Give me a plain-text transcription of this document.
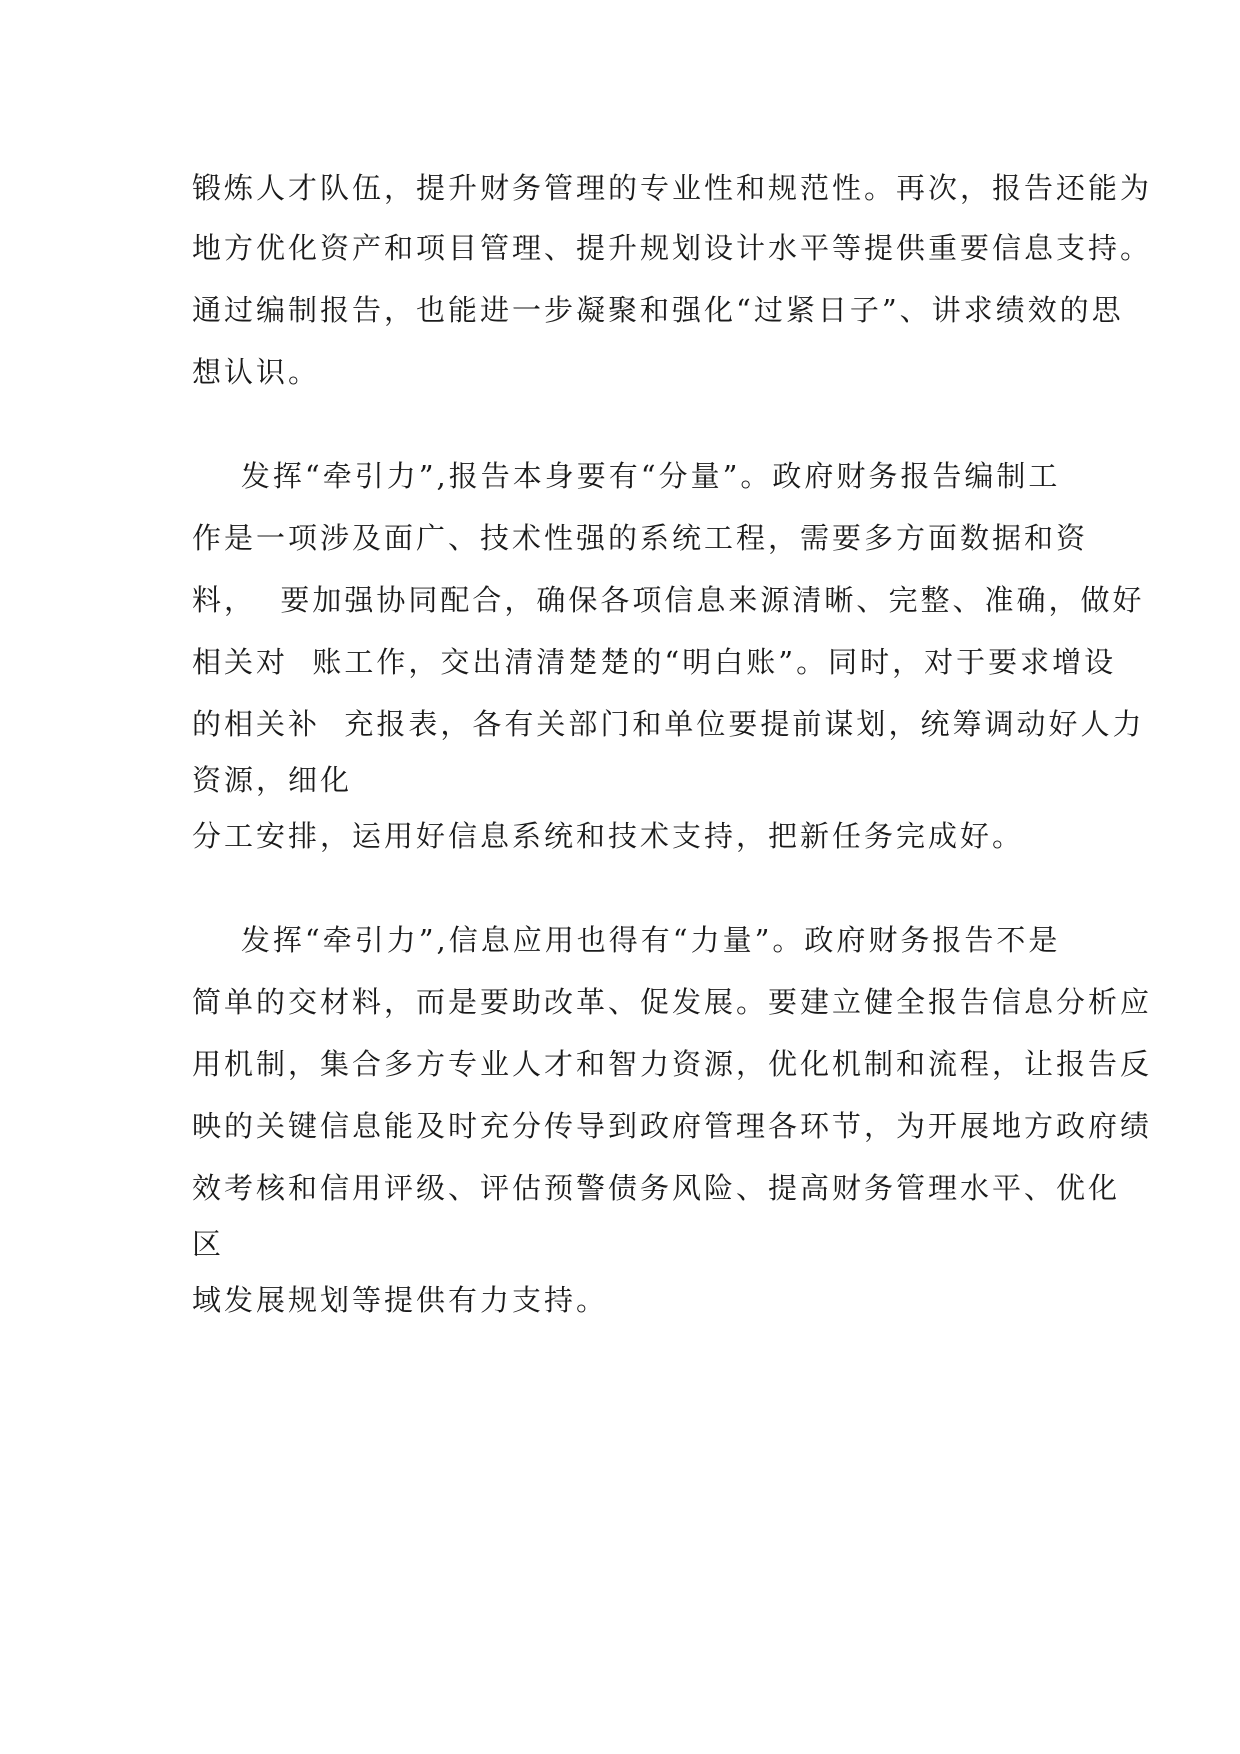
锻炼人才队伍，提升财务管理的专业性和规范性。再次，报告还能为
地方优化资产和项目管理、提升规划设计水平等提供重要信息支持。
通过编制报告，也能进一步凝聚和强化“过紧日子”、讲求绩效的思
想认识。
发挥“牵引力”,报告本身要有“分量”。政府财务报告编制工
作是一项涉及面广、技术性强的系统工程，需要多方面数据和资
料，  要加强协同配合，确保各项信息来源清晰、完整、准确，做好
相关对  账工作，交出清清楚楚的“明白账”。同时，对于要求增设
的相关补  充报表，各有关部门和单位要提前谋划，统筹调动好人力
资源，细化
分工安排，运用好信息系统和技术支持，把新任务完成好。
发挥“牵引力”,信息应用也得有“力量”。政府财务报告不是
简单的交材料，而是要助改革、促发展。要建立健全报告信息分析应
用机制，集合多方专业人才和智力资源，优化机制和流程，让报告反
映的关键信息能及时充分传导到政府管理各环节，为开展地方政府绩
效考核和信用评级、评估预警债务风险、提高财务管理水平、优化
区
域发展规划等提供有力支持。
